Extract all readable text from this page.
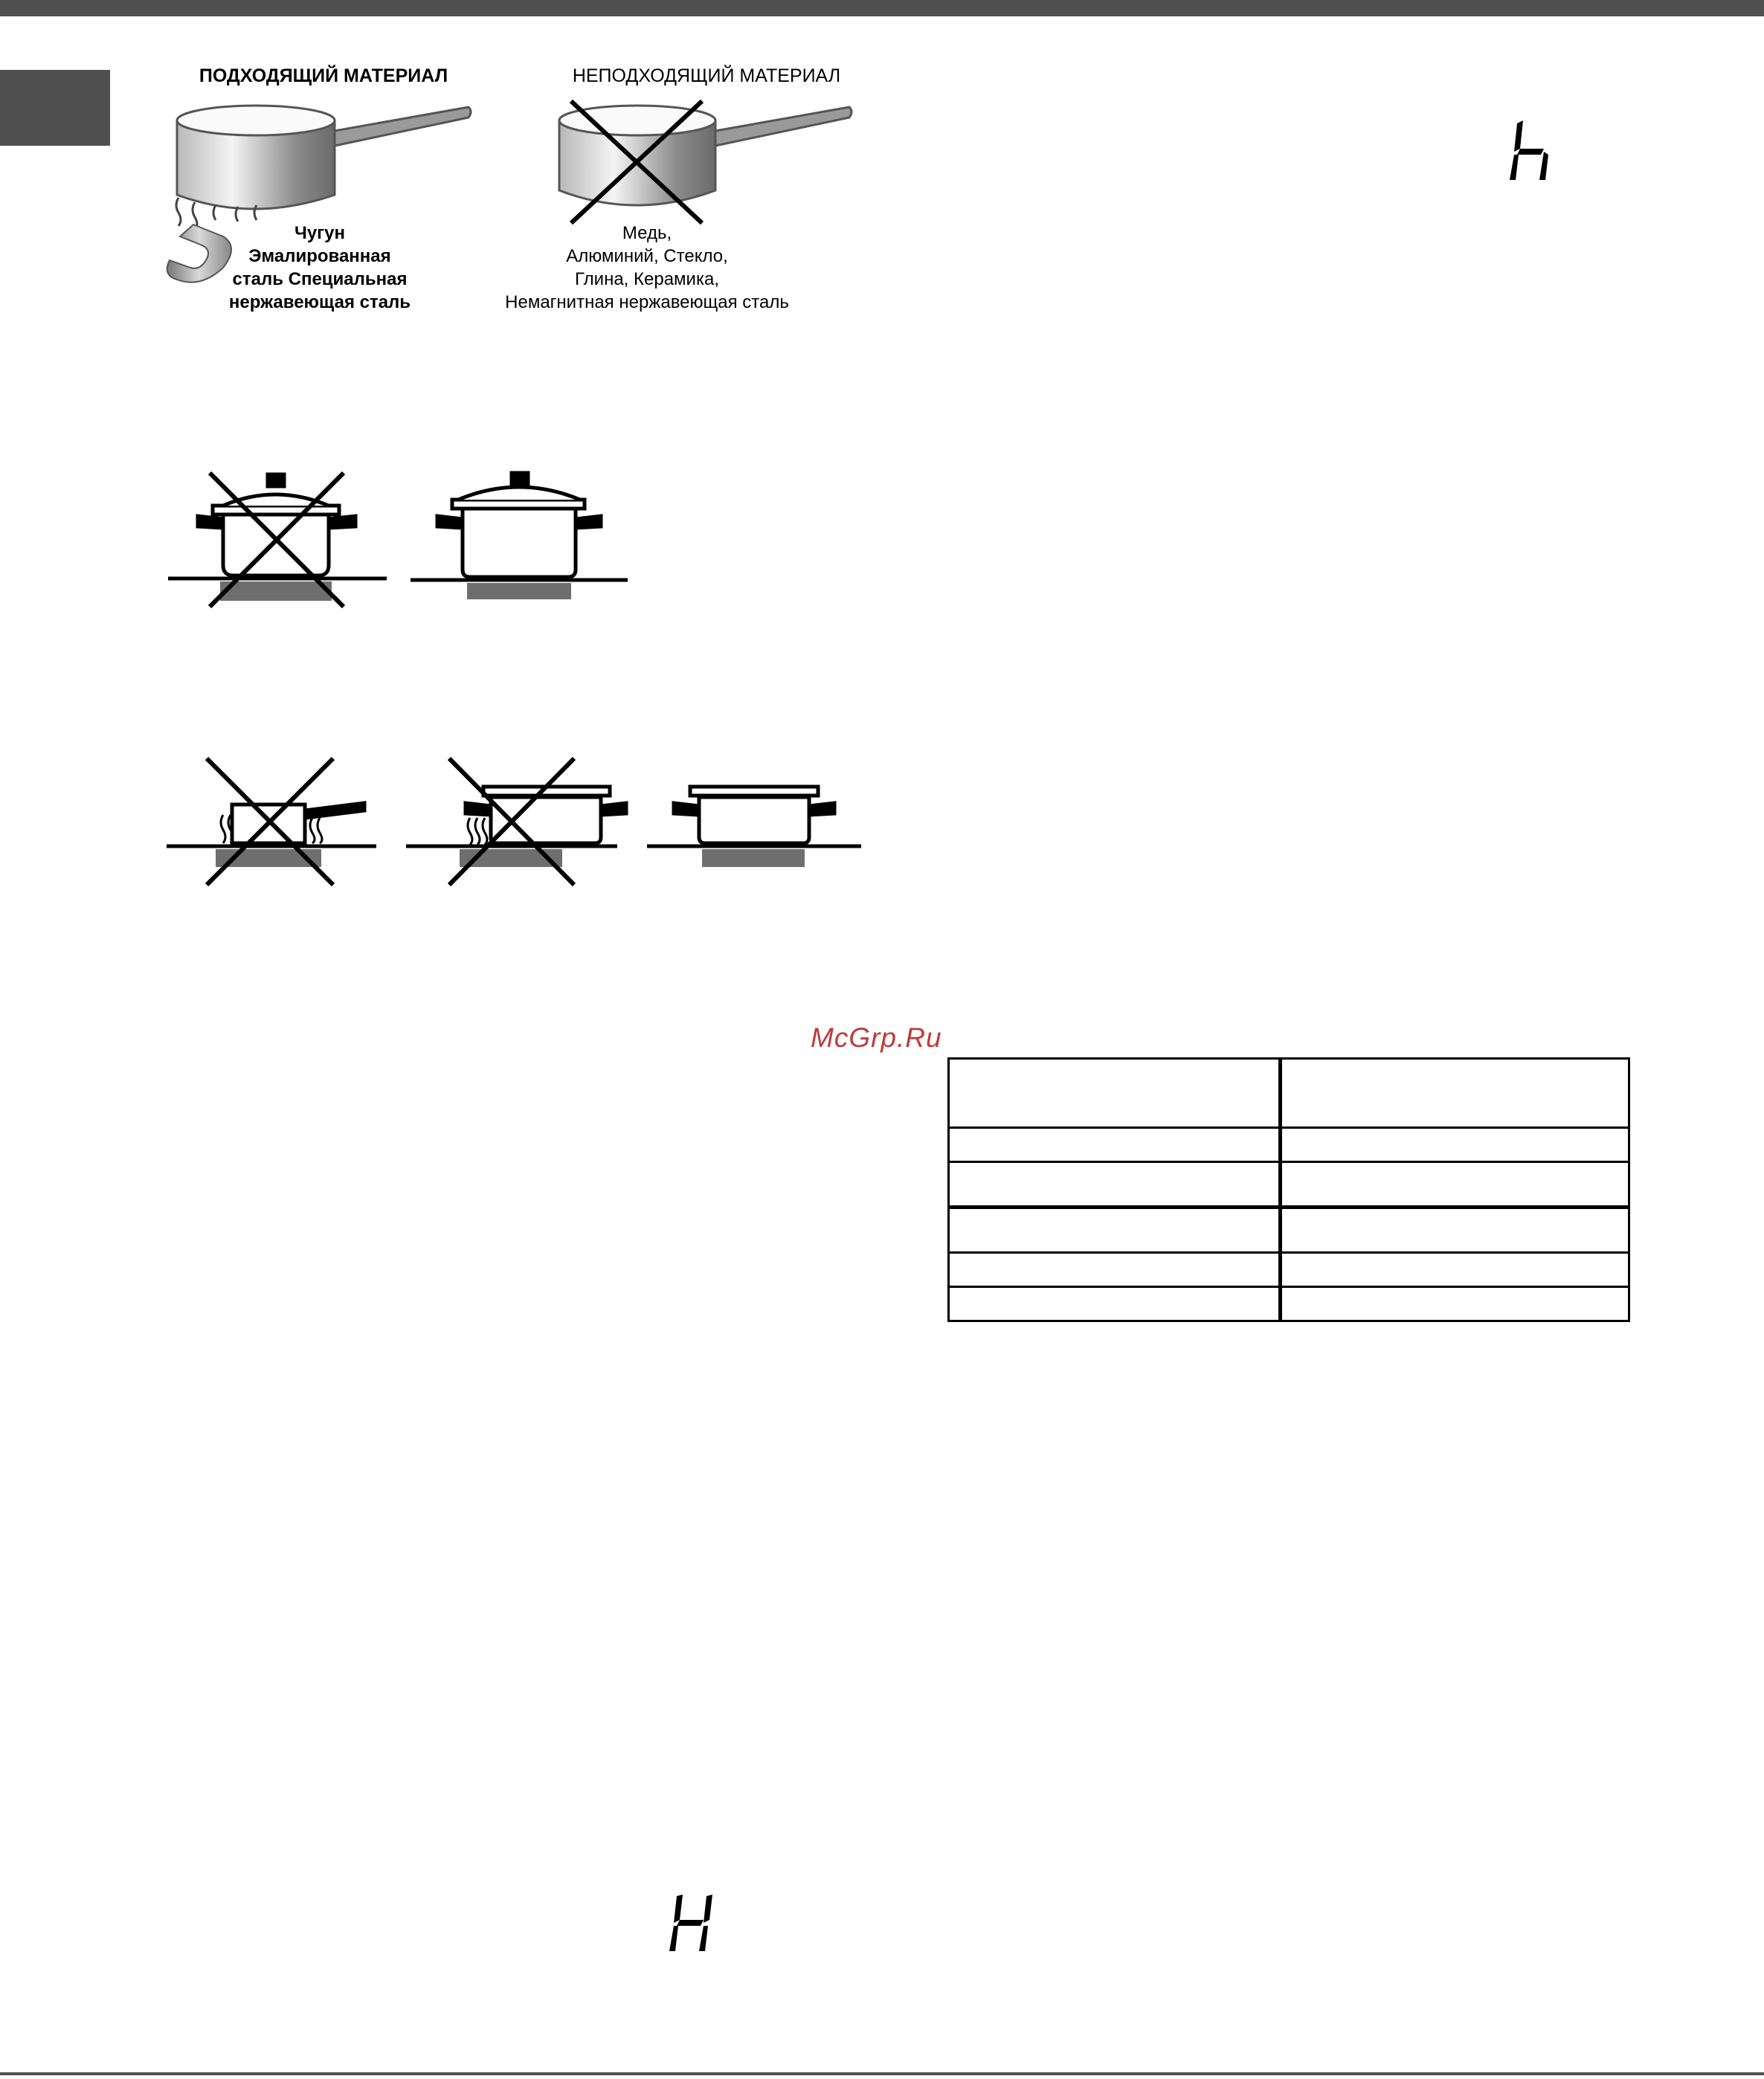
ПОДХОДЯЩИЙ МАТЕРИАЛ	НЕПОДХОДЯЩИЙ МАТЕРИАЛ
Чугун
Эмалированная
сталь Специальная
нержавеющая сталь
Медь,
Алюминий, Стекло,
Глина, Керамика,
Немагнитная нержавеющая сталь
h
H
McGrp.Ru
